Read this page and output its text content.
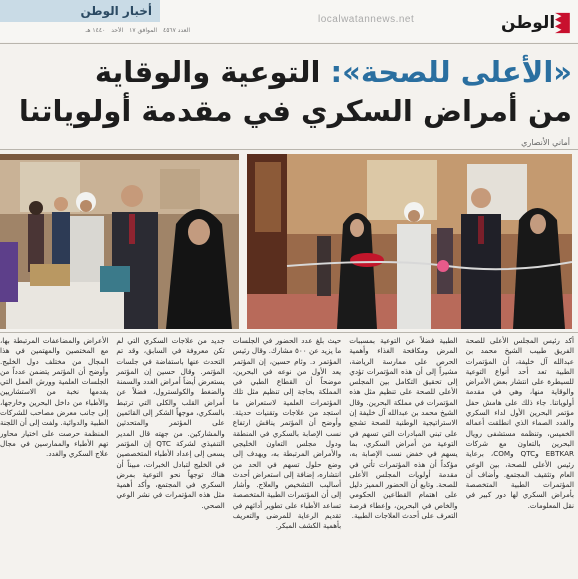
أخبار الوطن
العدد ٤٥٦٧ الموافق ١٧ الأحد ١٤٤٠ هـ
localwatannews.net	الوطن
«الأعلى للصحة»: التوعية والوقاية
من أمراض السكري في مقدمة أولوياتنا
أماني الأنصاري

أكد رئيس المجلس الأعلى للصحة الفريق طبيب الشيخ محمد بن عبدالله آل خليفة، أن المؤتمرات الطبية تعد أحد أنواع التوعية للسيطرة على انتشار بعض الأمراض والوقاية منها، وهي في مقدمة أولوياتنا. جاء ذلك على هامش حفل مؤتمر البحرين الأول لداء السكري والغدد الصماء الذي انطلقت أعماله الخميس، وتنظمه مستشفى رويال البحرين بالتعاون مع شركات EBTKAR وQTC وCOM، برعاية رئيس الأعلى للصحة، بين الوعي العام وتثقيف المجتمع. وأضاف أن المؤتمرات الطبية المتخصصة بأمراض السكري لها دور كبير في نقل المعلومات.

الطبية فضلاً عن التوعية بمسببات المرض ومكافحة الغذاء وأهمية الحرص على ممارسة الرياضة، مشيراً إلى أن هذه المؤتمرات تؤدي إلى تحقيق التكامل بين المجلس الأعلى للصحة على تنظيم مثل هذه المؤتمرات في مملكة البحرين. وقال الشيخ محمد بن عبدالله آل خليفة إن الاستراتيجية الوطنية للصحة تشجع على تبني المبادرات التي تسهم في التوعية من أمراض السكري، بما يسهم في خفض نسب الإصابة به، مؤكداً أن هذه المؤتمرات تأتي في مقدمة أولويات المجلس الأعلى للصحة. وتابع أن الحضور المميز دليل على اهتمام القطاعين الحكومي والخاص في البحرين، وإعطاء فرصة التعرف على أحدث العلاجات الطبية.

حيث بلغ عدد الحضور في الجلسات ما يزيد عن ٥٠٠ مشارك. وقال رئيس المؤتمر د. وئام حسين، إن المؤتمر يعد الأول من نوعه في البحرين، موضحاً أن القطاع الطبي في المملكة بحاجة إلى تنظيم مثل تلك المؤتمرات العلمية لاستعراض ما استجد من علاجات وتقنيات حديثة. وأوضح أن المؤتمر يناقش ارتفاع نسب الإصابة بالسكري في المنطقة ودول مجلس التعاون الخليجي والأمراض المرتبطة به، ويهدف إلى وضع حلول تسهم في الحد من انتشاره، إضافة إلى استعراض أحدث أساليب التشخيص والعلاج. وأشار إلى أن المؤتمرات الطبية المتخصصة تساعد الأطباء على تطوير أدائهم في تقديم الرعاية للمرضى والتعريف بأهمية الكشف المبكر.

جديد من علاجات السكري التي لم تكن معروفة في السابق، وقد تم التحدث عنها باستفاضة في جلسات المؤتمر. وقال حسين إن المؤتمر يستعرض أيضاً أمراض الغدد والسمنة والضغط والكولسترول، فضلاً عن أمراض القلب والكلى التي ترتبط بالسكري، موجهاً الشكر إلى القائمين على المؤتمر والمتحدثين والمشاركين. من جهته قال المدير التنفيذي لشركة QTC إن المؤتمر يسعى إلى إعداد الأطباء المتخصصين في الخليج لتبادل الخبرات، مبيناً أن هناك توجهاً نحو التوعية بمرض السكري في المجتمع، وأكد أهمية مثل هذه المؤتمرات في نشر الوعي الصحي.

الأعراض والمضاعفات المرتبطة بها، مع المختصين والمهتمين في هذا المجال من مختلف دول الخليج. وأوضح أن المؤتمر يتضمن عدداً من الجلسات العلمية وورش العمل التي يقدمها نخبة من الاستشاريين والأطباء من داخل البحرين وخارجها، إلى جانب معرض مصاحب للشركات الطبية والدوائية. ولفت إلى أن اللجنة المنظمة حرصت على اختيار محاور تهم الأطباء والممارسين في مجال علاج السكري والغدد.
